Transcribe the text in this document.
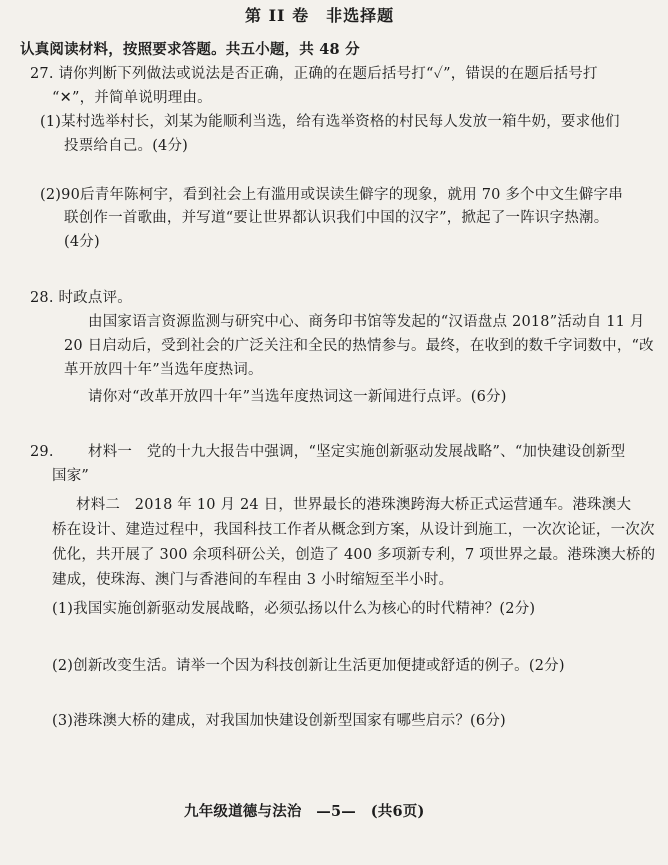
第 II 卷　非选择题
认真阅读材料，按照要求答题。共五小题，共 48 分
27. 请你判断下列做法或说法是否正确，正确的在题后括号打“✓”，错误的在题后括号打
“✕”，并简单说明理由。
(1)某村选举村长，刘某为能顺利当选，给有选举资格的村民每人发放一箱牛奶，要求他们
投票给自己。(4分)
(2)90后青年陈柯宇，看到社会上有滥用或误读生僻字的现象，就用 70 多个中文生僻字串
联创作一首歌曲，并写道“要让世界都认识我们中国的汉字”，掀起了一阵识字热潮。
(4分)
28. 时政点评。
由国家语言资源监测与研究中心、商务印书馆等发起的“汉语盘点 2018”活动自 11 月
20 日启动后，受到社会的广泛关注和全民的热情参与。最终，在收到的数千字词数中，“改
革开放四十年”当选年度热词。
请你对“改革开放四十年”当选年度热词这一新闻进行点评。(6分)
29. 材料一　党的十九大报告中强调，“坚定实施创新驱动发展战略”、“加快建设创新型
国家”
材料二　2018 年 10 月 24 日，世界最长的港珠澳跨海大桥正式运营通车。港珠澳大
桥在设计、建造过程中，我国科技工作者从概念到方案，从设计到施工，一次次论证，一次次
优化，共开展了 300 余项科研公关，创造了 400 多项新专利，7 项世界之最。港珠澳大桥的
建成，使珠海、澳门与香港间的车程由 3 小时缩短至半小时。
(1)我国实施创新驱动发展战略，必须弘扬以什么为核心的时代精神？(2分)
(2)创新改变生活。请举一个因为科技创新让生活更加便捷或舒适的例子。(2分)
(3)港珠澳大桥的建成，对我国加快建设创新型国家有哪些启示？(6分)
九年级道德与法治　—5—　(共6页)
